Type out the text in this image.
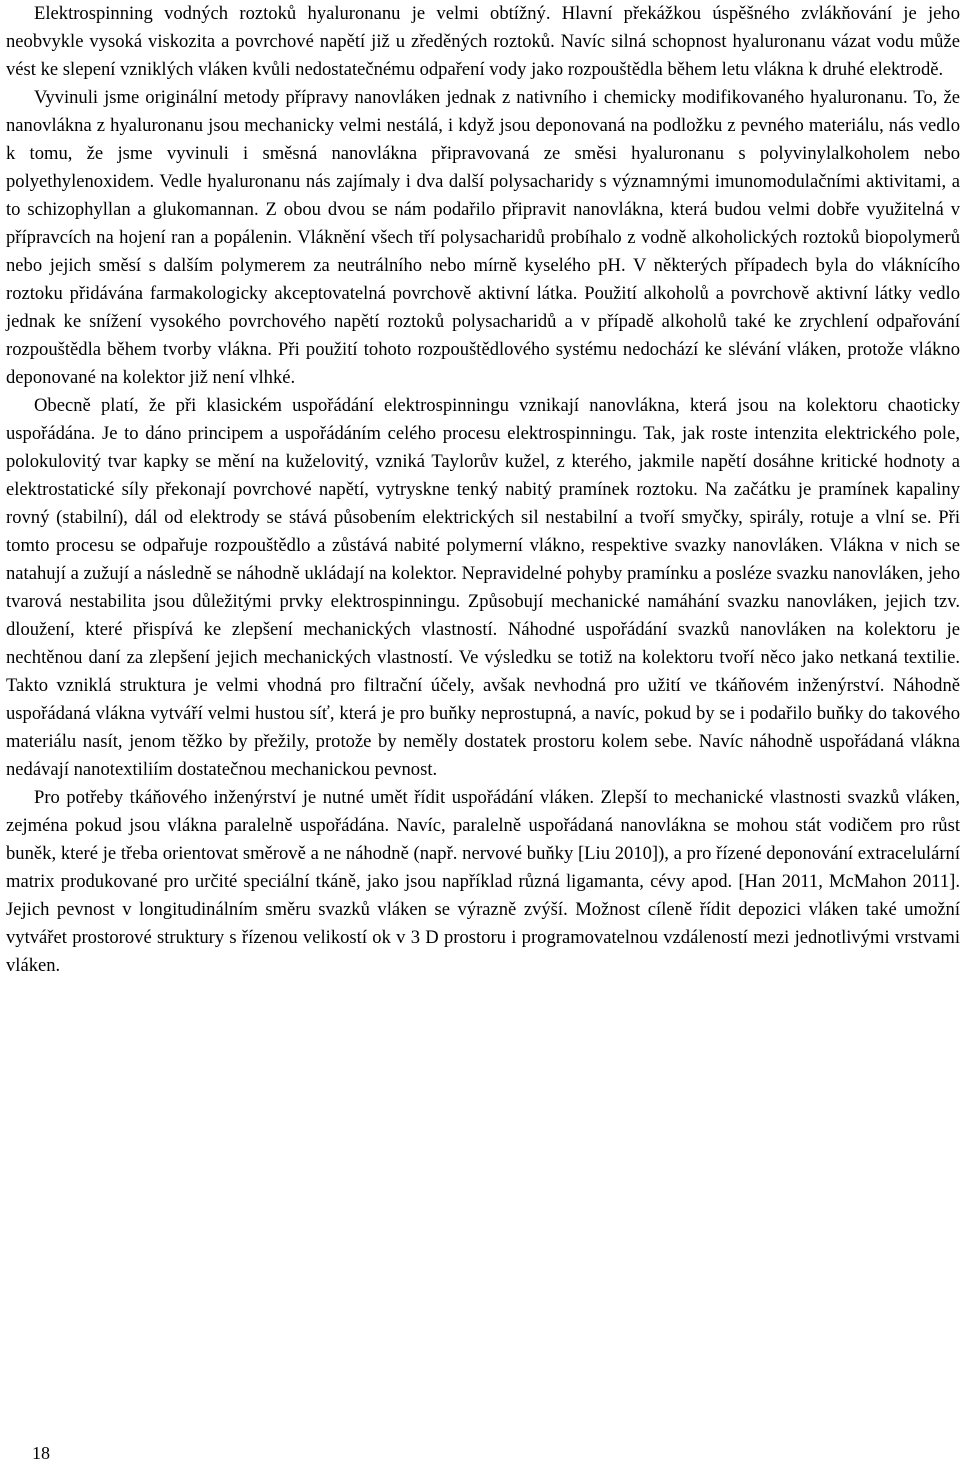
Elektrospinning vodných roztoků hyaluronanu je velmi obtížný. Hlavní překážkou úspěšného zvlákňování je jeho neobvykle vysoká viskozita a povrchové napětí již u zředěných roztoků. Navíc silná schopnost hyaluronanu vázat vodu může vést ke slepení vzniklých vláken kvůli nedostatečnému odpaření vody jako rozpouštědla během letu vlákna k druhé elektrodě.

Vyvinuli jsme originální metody přípravy nanovláken jednak z nativního i chemicky modifikovaného hyaluronanu. To, že nanovlákna z hyaluronanu jsou mechanicky velmi nestálá, i když jsou deponovaná na podložku z pevného materiálu, nás vedlo k tomu, že jsme vyvinuli i směsná nanovlákna připravovaná ze směsi hyaluronanu s polyvinylalkoholem nebo polyethylenoxidem. Vedle hyaluronanu nás zajímaly i dva další polysacharidy s významnými imunomodulačními aktivitami, a to schizophyllan a glukomannan. Z obou dvou se nám podařilo připravit nanovlákna, která budou velmi dobře využitelná v přípravcích na hojení ran a popálenin. Vláknění všech tří polysacharidů probíhalo z vodně alkoholických roztoků biopolymerů nebo jejich směsí s dalším polymerem za neutrálního nebo mírně kyselého pH. V některých případech byla do vláknícího roztoku přidávána farmakologicky akceptovatelná povrchově aktivní látka. Použití alkoholů a povrchově aktivní látky vedlo jednak ke snížení vysokého povrchového napětí roztoků polysacharidů a v případě alkoholů také ke zrychlení odpařování rozpouštědla během tvorby vlákna. Při použití tohoto rozpouštědlového systému nedochází ke slévání vláken, protože vlákno deponované na kolektor již není vlhké.

Obecně platí, že při klasickém uspořádání elektrospinningu vznikají nanovlákna, která jsou na kolektoru chaoticky uspořádána. Je to dáno principem a uspořádáním celého procesu elektrospinningu. Tak, jak roste intenzita elektrického pole, polokulovitý tvar kapky se mění na kuželovitý, vzniká Taylorův kužel, z kterého, jakmile napětí dosáhne kritické hodnoty a elektrostatické síly překonají povrchové napětí, vytryskne tenký nabitý pramínek roztoku. Na začátku je pramínek kapaliny rovný (stabilní), dál od elektrody se stává působením elektrických sil nestabilní a tvoří smyčky, spirály, rotuje a vlní se. Při tomto procesu se odpařuje rozpouštědlo a zůstává nabité polymerní vlákno, respektive svazky nanovláken. Vlákna v nich se natahují a zužují a následně se náhodně ukládají na kolektor. Nepravidelné pohyby pramínku a posléze svazku nanovláken, jeho tvarová nestabilita jsou důležitými prvky elektrospinningu. Způsobují mechanické namáhání svazku nanovláken, jejich tzv. dloužení, které přispívá ke zlepšení mechanických vlastností. Náhodné uspořádání svazků nanovláken na kolektoru je nechtěnou daní za zlepšení jejich mechanických vlastností. Ve výsledku se totiž na kolektoru tvoří něco jako netkaná textilie. Takto vzniklá struktura je velmi vhodná pro filtrační účely, avšak nevhodná pro užití ve tkáňovém inženýrství. Náhodně uspořádaná vlákna vytváří velmi hustou síť, která je pro buňky neprostupná, a navíc, pokud by se i podařilo buňky do takového materiálu nasít, jenom těžko by přežily, protože by neměly dostatek prostoru kolem sebe. Navíc náhodně uspořádaná vlákna nedávají nanotextiliím dostatečnou mechanickou pevnost.

Pro potřeby tkáňového inženýrství je nutné umět řídit uspořádání vláken. Zlepší to mechanické vlastnosti svazků vláken, zejména pokud jsou vlákna paralelně uspořádána. Navíc, paralelně uspořádaná nanovlákna se mohou stát vodičem pro růst buněk, které je třeba orientovat směrově a ne náhodně (např. nervové buňky [Liu 2010]), a pro řízené deponování extracelulární matrix produkované pro určité speciální tkáně, jako jsou například různá ligamanta, cévy apod. [Han 2011, McMahon 2011]. Jejich pevnost v longitudinálním směru svazků vláken se výrazně zvýší. Možnost cíleně řídit depozici vláken také umožní vytvářet prostorové struktury s řízenou velikostí ok v 3 D prostoru i programovatelnou vzdáleností mezi jednotlivými vrstvami vláken.

18
